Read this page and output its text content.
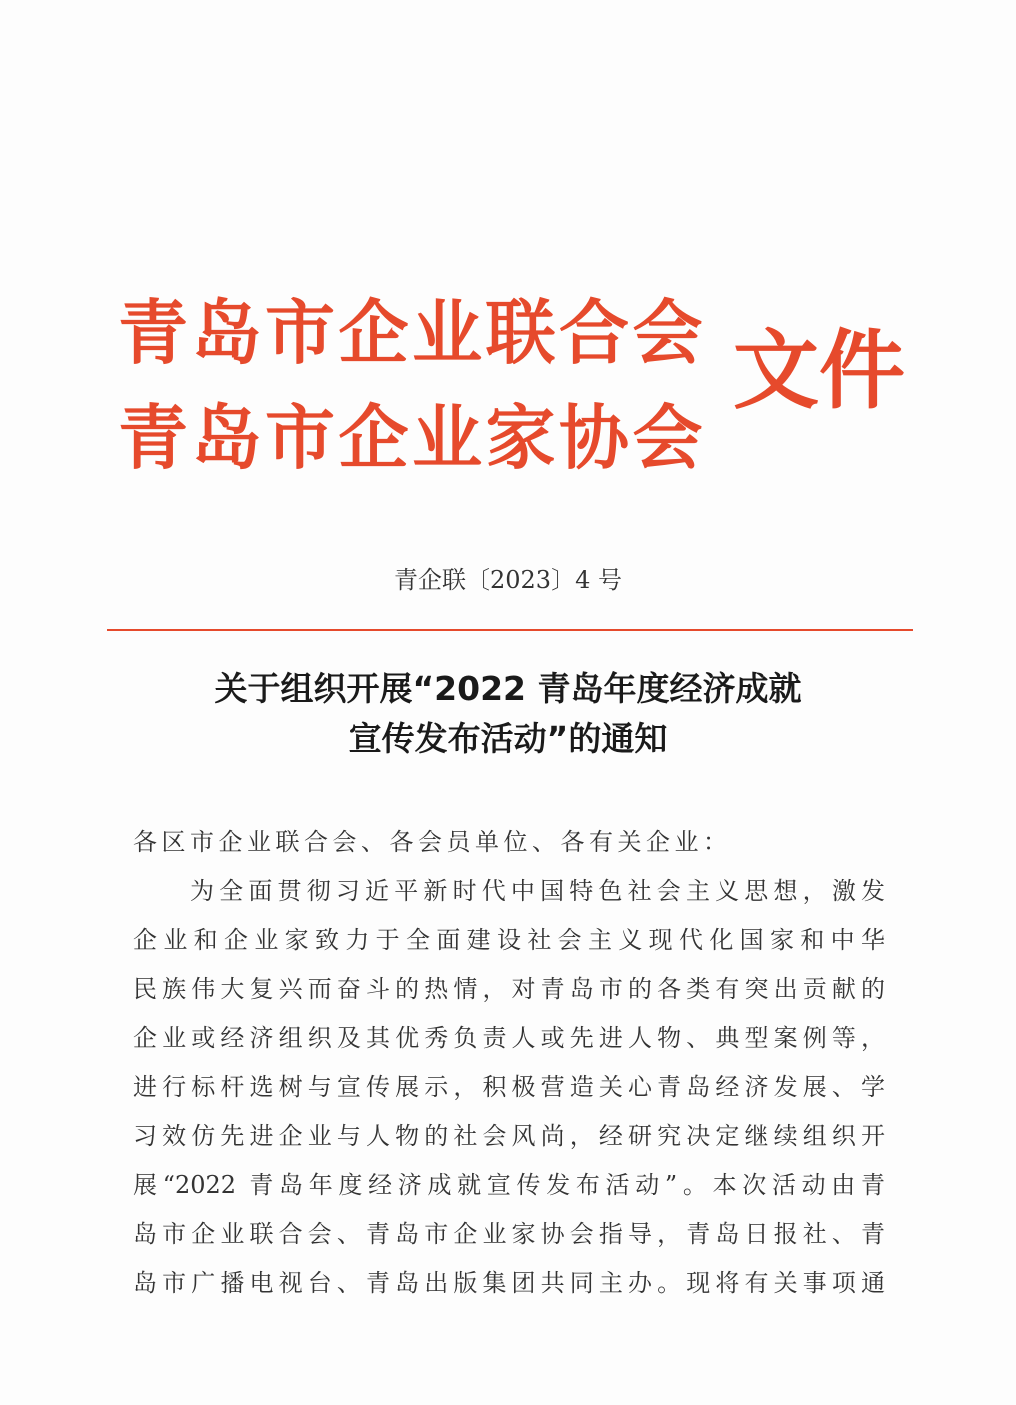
青岛市企业联合会
青岛市企业家协会
文件
青企联〔2023〕4 号
关于组织开展“2022 青岛年度经济成就
宣传发布活动”的通知
各区市企业联合会、各会员单位、各有关企业：
为全面贯彻习近平新时代中国特色社会主义思想，激发
企业和企业家致力于全面建设社会主义现代化国家和中华
民族伟大复兴而奋斗的热情，对青岛市的各类有突出贡献的
企业或经济组织及其优秀负责人或先进人物、典型案例等，
进行标杆选树与宣传展示，积极营造关心青岛经济发展、学
习效仿先进企业与人物的社会风尚，经研究决定继续组织开
展“2022 青岛年度经济成就宣传发布活动”。本次活动由青
岛市企业联合会、青岛市企业家协会指导，青岛日报社、青
岛市广播电视台、青岛出版集团共同主办。现将有关事项通
